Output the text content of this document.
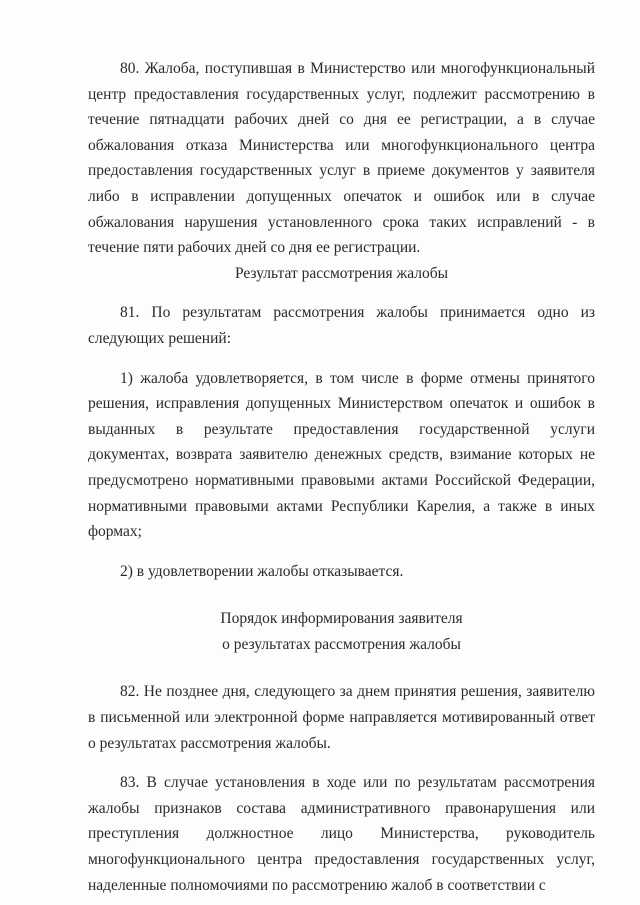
80. Жалоба, поступившая в Министерство или многофункциональный центр предоставления государственных услуг, подлежит рассмотрению в течение пятнадцати рабочих дней со дня ее регистрации, а в случае обжалования отказа Министерства или многофункционального центра предоставления государственных услуг в приеме документов у заявителя либо в исправлении допущенных опечаток и ошибок или в случае обжалования нарушения установленного срока таких исправлений - в течение пяти рабочих дней со дня ее регистрации.

Результат рассмотрения жалобы

81. По результатам рассмотрения жалобы принимается одно из следующих решений:

1) жалоба удовлетворяется, в том числе в форме отмены принятого решения, исправления допущенных Министерством опечаток и ошибок в выданных в результате предоставления государственной услуги документах, возврата заявителю денежных средств, взимание которых не предусмотрено нормативными правовыми актами Российской Федерации, нормативными правовыми актами Республики Карелия, а также в иных формах;

2) в удовлетворении жалобы отказывается.

Порядок информирования заявителя

о результатах рассмотрения жалобы

82. Не позднее дня, следующего за днем принятия решения, заявителю в письменной или электронной форме направляется мотивированный ответ о результатах рассмотрения жалобы.

83. В случае установления в ходе или по результатам рассмотрения жалобы признаков состава административного правонарушения или преступления должностное лицо Министерства, руководитель многофункционального центра предоставления государственных услуг, наделенные полномочиями по рассмотрению жалоб в соответствии с
